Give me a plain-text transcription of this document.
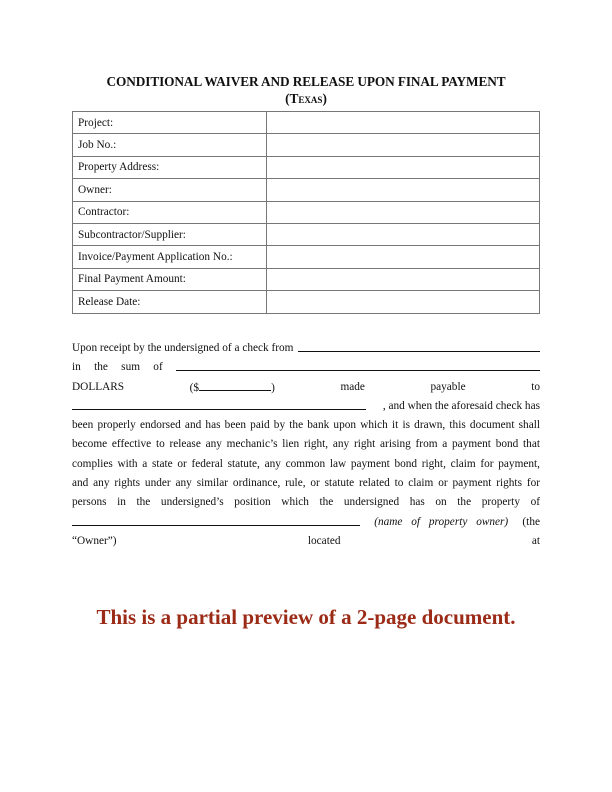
CONDITIONAL WAIVER AND RELEASE UPON FINAL PAYMENT
(Texas)
Project:	
Job No.:	
Property Address:	
Owner:	
Contractor:	
Subcontractor/Supplier:	
Invoice/Payment Application No.:	
Final Payment Amount:	
Release Date:	
Upon receipt by the undersigned of a check from
in the sum of
DOLLARS	($	)	made	payable	to
, and when the aforesaid check has
been properly endorsed and has been paid by the bank upon which it is drawn, this document shall
become effective to release any mechanic’s lien right, any right arising from a payment bond that
complies with a state or federal statute, any common law payment bond right, claim for payment,
and any rights under any similar ordinance, rule, or statute related to claim or payment rights for
persons in the undersigned’s position which the undersigned has on the property of
(name of property owner) (the
“Owner”)	located	at
This is a partial preview of a 2-page document.
